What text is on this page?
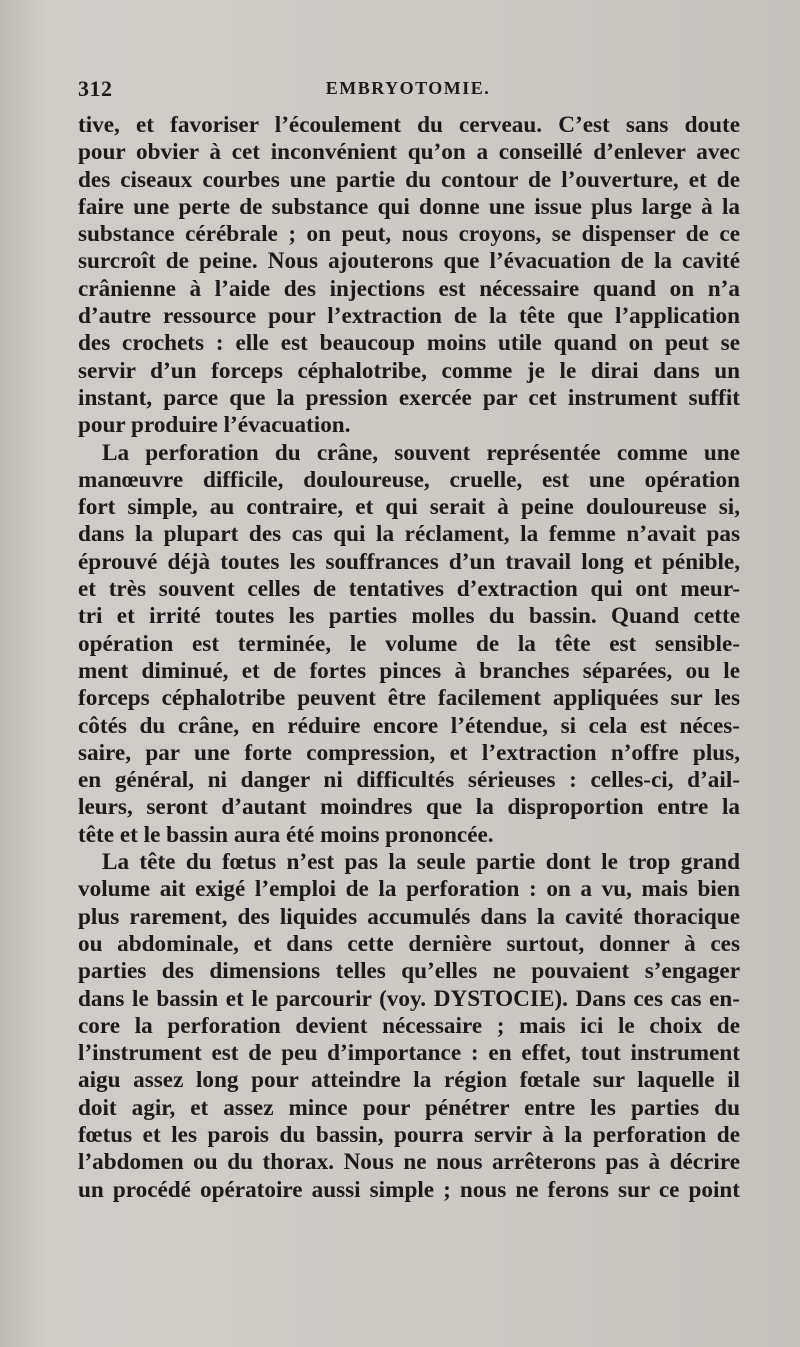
312	EMBRYOTOMIE.
tive, et favoriser l’écoulement du cerveau. C’est sans doute
pour obvier à cet inconvénient qu’on a conseillé d’enlever avec
des ciseaux courbes une partie du contour de l’ouverture, et de
faire une perte de substance qui donne une issue plus large à la
substance cérébrale ; on peut, nous croyons, se dispenser de ce
surcroît de peine. Nous ajouterons que l’évacuation de la cavité
crânienne à l’aide des injections est nécessaire quand on n’a
d’autre ressource pour l’extraction de la tête que l’application
des crochets : elle est beaucoup moins utile quand on peut se
servir d’un forceps céphalotribe, comme je le dirai dans un
instant, parce que la pression exercée par cet instrument suffit
pour produire l’évacuation.
La perforation du crâne, souvent représentée comme une
manœuvre difficile, douloureuse, cruelle, est une opération
fort simple, au contraire, et qui serait à peine douloureuse si,
dans la plupart des cas qui la réclament, la femme n’avait pas
éprouvé déjà toutes les souffrances d’un travail long et pénible,
et très souvent celles de tentatives d’extraction qui ont meur-
tri et irrité toutes les parties molles du bassin. Quand cette
opération est terminée, le volume de la tête est sensible-
ment diminué, et de fortes pinces à branches séparées, ou le
forceps céphalotribe peuvent être facilement appliquées sur les
côtés du crâne, en réduire encore l’étendue, si cela est néces-
saire, par une forte compression, et l’extraction n’offre plus,
en général, ni danger ni difficultés sérieuses : celles-ci, d’ail-
leurs, seront d’autant moindres que la disproportion entre la
tête et le bassin aura été moins prononcée.
La tête du fœtus n’est pas la seule partie dont le trop grand
volume ait exigé l’emploi de la perforation : on a vu, mais bien
plus rarement, des liquides accumulés dans la cavité thoracique
ou abdominale, et dans cette dernière surtout, donner à ces
parties des dimensions telles qu’elles ne pouvaient s’engager
dans le bassin et le parcourir (voy. DYSTOCIE). Dans ces cas en-
core la perforation devient nécessaire ; mais ici le choix de
l’instrument est de peu d’importance : en effet, tout instrument
aigu assez long pour atteindre la région fœtale sur laquelle il
doit agir, et assez mince pour pénétrer entre les parties du
fœtus et les parois du bassin, pourra servir à la perforation de
l’abdomen ou du thorax. Nous ne nous arrêterons pas à décrire
un procédé opératoire aussi simple ; nous ne ferons sur ce point
